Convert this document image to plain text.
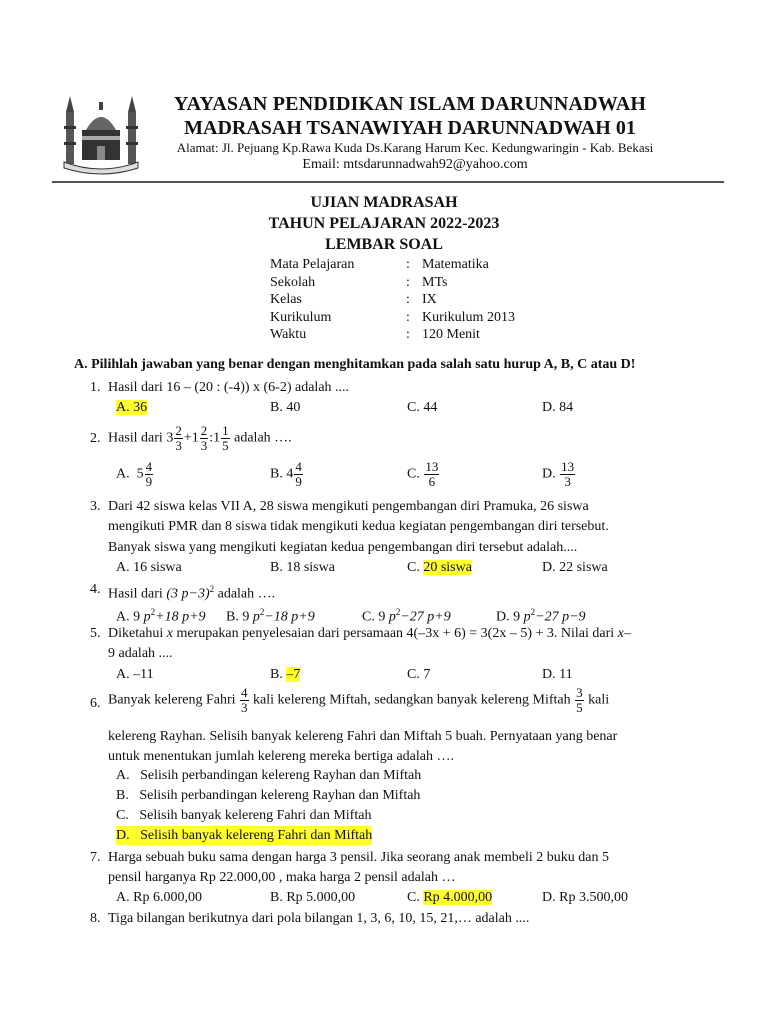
YAYASAN PENDIDIKAN ISLAM DARUNNADWAH
MADRASAH TSANAWIYAH DARUNNADWAH 01
Alamat: Jl. Pejuang Kp.Rawa Kuda Ds.Karang Harum Kec. Kedungwaringin - Kab. Bekasi
Email: mtsdarunnadwah92@yahoo.com
UJIAN MADRASAH
TAHUN PELAJARAN 2022-2023
LEMBAR SOAL
Mata Pelajaran	: Matematika
Sekolah	: MTs
Kelas	: IX
Kurikulum	: Kurikulum 2013
Waktu	: 120 Menit
A. Pilihlah jawaban yang benar dengan menghitamkan pada salah satu hurup A, B, C atau D!
1. Hasil dari 16 – (20 : (-4)) x (6-2) adalah ....
A. 36	B. 40	C. 44	D. 84
2. Hasil dari $3 \frac{2}{3} +1 \frac{2}{3}$ :1 $\frac{1}{5}$ adalah ….
A. $5 \frac{4}{9}$	B. $4 \frac{4}{9}$	C. $\frac{13}{6}$	D. $\frac{13}{3}$
3. Dari 42 siswa kelas VII A, 28 siswa mengikuti pengembangan diri Pramuka, 26 siswa
mengikuti PMR dan 8 siswa tidak mengikuti kedua kegiatan pengembangan diri tersebut.
Banyak siswa yang mengikuti kegiatan kedua pengembangan diri tersebut adalah....
A. 16 siswa	B. 18 siswa	C. 20 siswa	D. 22 siswa
4. Hasil dari (3 p−3)$^2$ adalah ….
A. 9 $p^2+18$ p+9 B. 9 $p^2-18$ p+9	C. 9 $p^2-27$ p+9	D. 9 $p^2-27$ p−9
5. Diketahui x merupakan penyelesaian dari persamaan 4(–3x + 6) = 3(2x – 5) + 3. Nilai dari x–
9 adalah ....
A. –11	B. –7	C. 7	D. 11
6. Banyak kelereng Fahri $\frac{4}{3}$ kali kelereng Miftah, sedangkan banyak kelereng Miftah $\frac{3}{5}$ kali
kelereng Rayhan. Selisih banyak kelereng Fahri dan Miftah 5 buah. Pernyataan yang benar
untuk menentukan jumlah kelereng mereka bertiga adalah ….
A. Selisih perbandingan kelereng Rayhan dan Miftah
B. Selisih perbandingan kelereng Rayhan dan Miftah
C. Selisih banyak kelereng Fahri dan Miftah
D. Selisih banyak kelereng Fahri dan Miftah
7. Harga sebuah buku sama dengan harga 3 pensil. Jika seorang anak membeli 2 buku dan 5
pensil harganya Rp 22.000,00 , maka harga 2 pensil adalah …
A. Rp 6.000,00	B. Rp 5.000,00	C. Rp 4.000,00	D. Rp 3.500,00
8. Tiga bilangan berikutnya dari pola bilangan 1, 3, 6, 10, 15, 21,… adalah ....
